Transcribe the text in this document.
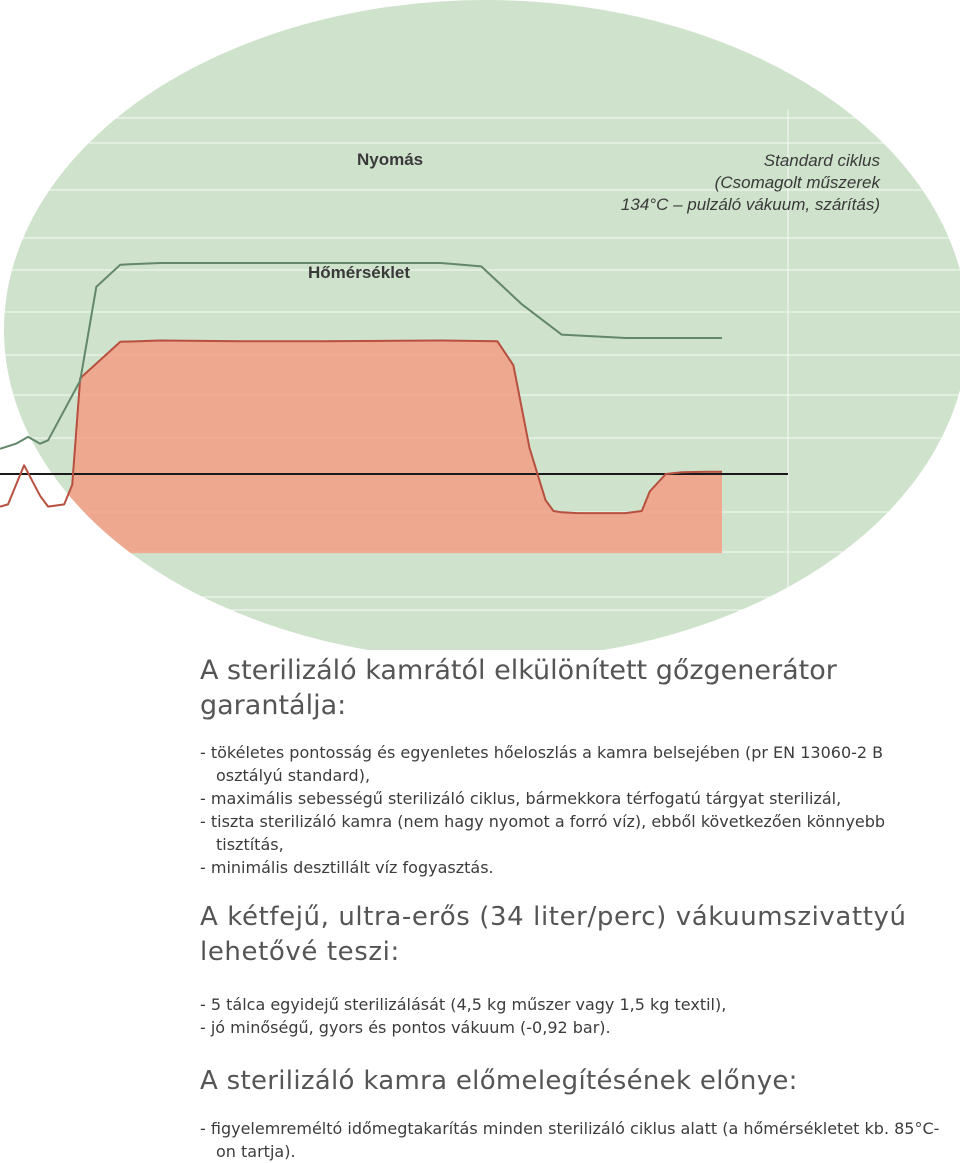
Nyomás
Hőmérséklet
Standard ciklus
(Csomagolt műszerek
134°C – pulzáló vákuum, szárítás)
A sterilizáló kamrától elkülönített gőzgenerátor garantálja:
- tökéletes pontosság és egyenletes hőeloszlás a kamra belsejében (pr EN 13060-2 B osztályú standard),
- maximális sebességű sterilizáló ciklus, bármekkora térfogatú tárgyat sterilizál,
- tiszta sterilizáló kamra (nem hagy nyomot a forró víz), ebből következően könnyebb tisztítás,
- minimális desztillált víz fogyasztás.
A kétfejű, ultra-erős (34 liter/perc) vákuumszivattyú lehetővé teszi:
- 5 tálca egyidejű sterilizálását (4,5 kg műszer vagy 1,5 kg textil),
- jó minőségű, gyors és pontos vákuum (-0,92 bar).
A sterilizáló kamra előmelegítésének előnye:
- figyelemreméltó időmegtakarítás minden sterilizáló ciklus alatt (a hőmérsékletet kb. 85°C-on tartja).
